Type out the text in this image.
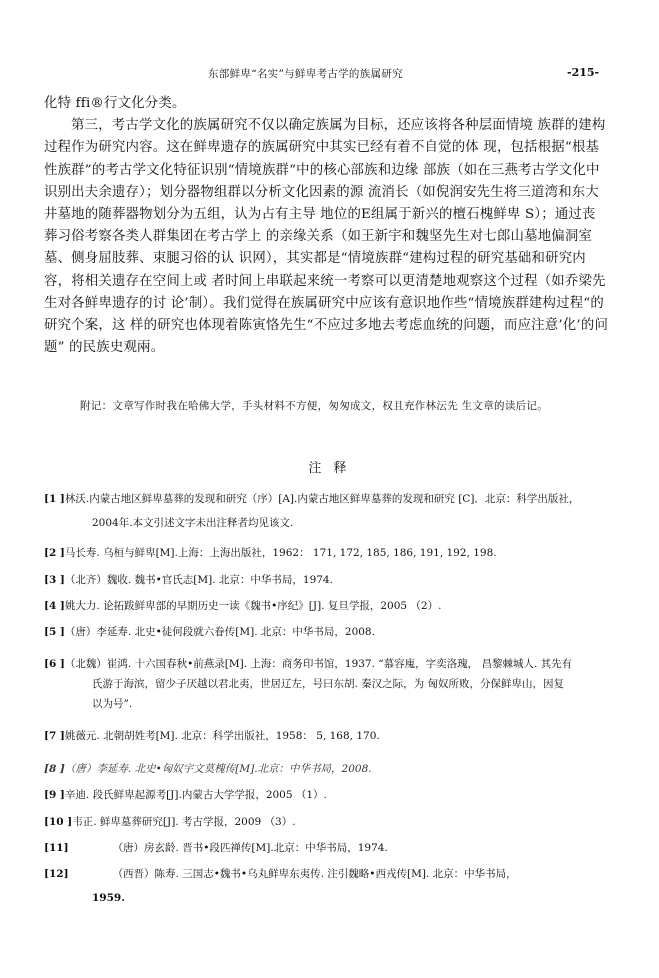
东部鲜卑“名实”与鲜卑考古学的族属研究	-215-

化特 ffi®行文化分类。

第三，考古学文化的族属研究不仅以确定族属为目标，还应该将各种层面情境 族群的建构过程作为研究内容。这在鲜卑遗存的族属研究中其实已经有着不自觉的体 现，包括根据“根基性族群”的考古学文化特征识别“情境族群“中的核心部族和边缘 部族（如在三燕考古学文化中识别出夫余遗存）；划分器物组群以分析文化因素的源 流消长（如倪润安先生将三道湾和东大井墓地的随葬器物划分为五组，认为占有主导 地位的E组属于新兴的檀石槐鲜卑 S）；通过丧葬习俗考察各类人群集团在考古学上 的亲缘关系（如王新宇和魏坚先生对七郎山墓地偏洞室墓、侧身屈肢葬、束腿习俗的认 识网），其实都是“情境族群“建构过程的研究基础和研究内容，将相关遗存在空间上或 者时间上串联起来统一考察可以更清楚地观察这个过程（如乔梁先生对各鲜卑遗存的讨 论’制）。我们觉得在族属研究中应该有意识地作些“情境族群建构过程“的研究个案，这 样的研究也体现着陈寅恪先生“不应过多地去考虑血统的问题，而应注意’化’的问题” 的民族史观兩。

附记：文章写作时我在哈佛大学，手头材料不方便，匆匆成文，权且充作林沄先 生文章的读后记。
注 释
[1 ]林沃.内蒙古地区鲜卑墓葬的发现和研究（序）[A].内蒙古地区鲜卑墓葬的发现和研究 [C]．北京：科学出版社，
2004年.本文引述文字未出注释者均见该文.
[2 ]马长寿. 乌桓与鲜卑[M].上海：上海出版社，1962： 171, 172, 185, 186, 191, 192, 198.
[3 ]（北齐）魏收. 魏书•官氏志[M]. 北京：中华书局，1974.
[4 ]姚大力. 论拓跋鲜卑部的早期历史一读《魏书•序纪》[J]. 复旦学报，2005 （2）.
[5 ]（唐）李延寿. 北史•徒何段就六眷传[M]. 北京：中华书局，2008.
[6 ]（北魏）崔鸿. 十六国春秋•前燕录[M]. 上海：商务印书馆，1937. “慕容廆，字奕洛瑰， 昌黎棘城人. 其先有
氏游于海滨，留少子厌越以君北夷，世居辽左，号曰东胡. 秦汉之际，为 匈奴所败，分保鲜卑山，因复
以为号”.
[7 ]姚薇元. 北朝胡姓考[M]. 北京：科学出版社，1958： 5, 168, 170.
[8 ]（唐）李延寿. 北史•匈奴宇文莫槐传[M].北京：中华书局，2008.
[9 ]辛迪. 段氏鲜卑起源考[J].内蒙古大学学报，2005 （1）.
[10 ]韦正. 鲜卑墓葬研究[J]. 考古学报，2009 （3）.
[11]	（唐）房玄龄. 晋书•段匹禅传[M].北京：中华书局，1974.
[12]	（西晋）陈寿. 三国志•魏书•乌丸鲜卑东夷传. 注引魏略•西戎传[M]. 北京：中华书局，
1959.
